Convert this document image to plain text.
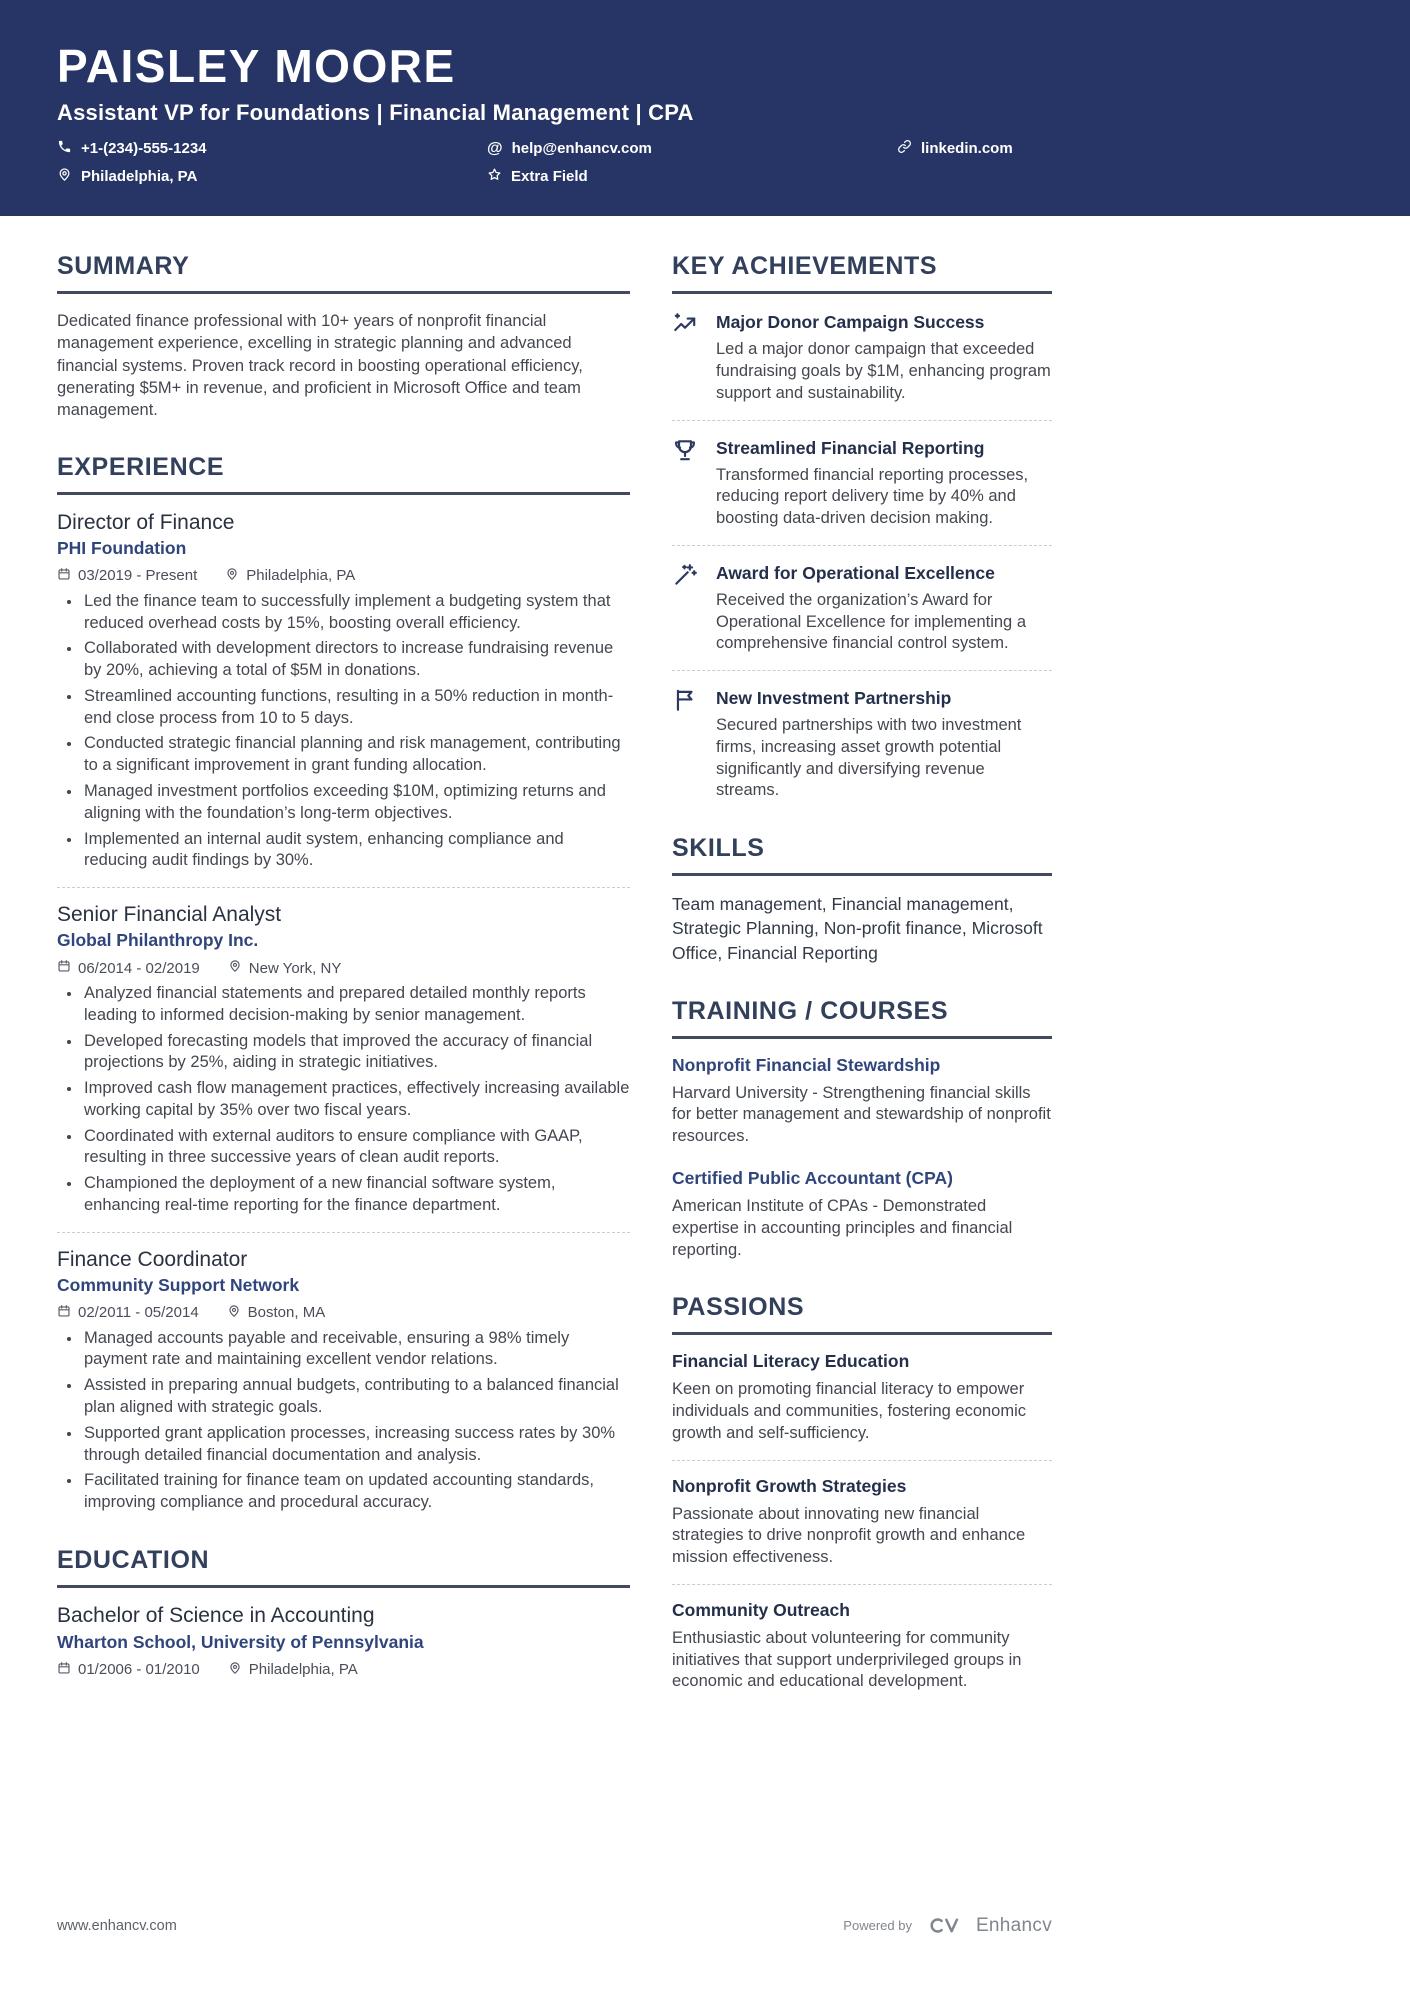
PAISLEY MOORE
Assistant VP for Foundations | Financial Management | CPA
+1-(234)-555-1234	@ help@enhancv.com	linkedin.com
Philadelphia, PA	Extra Field
SUMMARY

Dedicated finance professional with 10+ years of nonprofit financial management experience, excelling in strategic planning and advanced financial systems. Proven track record in boosting operational efficiency, generating $5M+ in revenue, and proficient in Microsoft Office and team management.

EXPERIENCE
Director of Finance
PHI Foundation
03/2019 - Present	Philadelphia, PA
• Led the finance team to successfully implement a budgeting system that reduced overhead costs by 15%, boosting overall efficiency.
• Collaborated with development directors to increase fundraising revenue by 20%, achieving a total of $5M in donations.
• Streamlined accounting functions, resulting in a 50% reduction in month-end close process from 10 to 5 days.
• Conducted strategic financial planning and risk management, contributing to a significant improvement in grant funding allocation.
• Managed investment portfolios exceeding $10M, optimizing returns and aligning with the foundation’s long-term objectives.
• Implemented an internal audit system, enhancing compliance and reducing audit findings by 30%.
Senior Financial Analyst
Global Philanthropy Inc.
06/2014 - 02/2019	New York, NY
• Analyzed financial statements and prepared detailed monthly reports leading to informed decision-making by senior management.
• Developed forecasting models that improved the accuracy of financial projections by 25%, aiding in strategic initiatives.
• Improved cash flow management practices, effectively increasing available working capital by 35% over two fiscal years.
• Coordinated with external auditors to ensure compliance with GAAP, resulting in three successive years of clean audit reports.
• Championed the deployment of a new financial software system, enhancing real-time reporting for the finance department.
Finance Coordinator
Community Support Network
02/2011 - 05/2014	Boston, MA
• Managed accounts payable and receivable, ensuring a 98% timely payment rate and maintaining excellent vendor relations.
• Assisted in preparing annual budgets, contributing to a balanced financial plan aligned with strategic goals.
• Supported grant application processes, increasing success rates by 30% through detailed financial documentation and analysis.
• Facilitated training for finance team on updated accounting standards, improving compliance and procedural accuracy.
EDUCATION
Bachelor of Science in Accounting
Wharton School, University of Pennsylvania
01/2006 - 01/2010	Philadelphia, PA
KEY ACHIEVEMENTS
Major Donor Campaign Success

Led a major donor campaign that exceeded fundraising goals by $1M, enhancing program support and sustainability.

Streamlined Financial Reporting

Transformed financial reporting processes, reducing report delivery time by 40% and boosting data-driven decision making.

Award for Operational Excellence

Received the organization’s Award for Operational Excellence for implementing a comprehensive financial control system.

New Investment Partnership

Secured partnerships with two investment firms, increasing asset growth potential significantly and diversifying revenue streams.

SKILLS

Team management, Financial management, Strategic Planning, Non-profit finance, Microsoft Office, Financial Reporting

TRAINING / COURSES
Nonprofit Financial Stewardship

Harvard University - Strengthening financial skills for better management and stewardship of nonprofit resources.

Certified Public Accountant (CPA)

American Institute of CPAs - Demonstrated expertise in accounting principles and financial reporting.

PASSIONS
Financial Literacy Education

Keen on promoting financial literacy to empower individuals and communities, fostering economic growth and self-sufficiency.

Nonprofit Growth Strategies

Passionate about innovating new financial strategies to drive nonprofit growth and enhance mission effectiveness.

Community Outreach

Enthusiastic about volunteering for community initiatives that support underprivileged groups in economic and educational development.

www.enhancv.com	Powered by	Enhancv
